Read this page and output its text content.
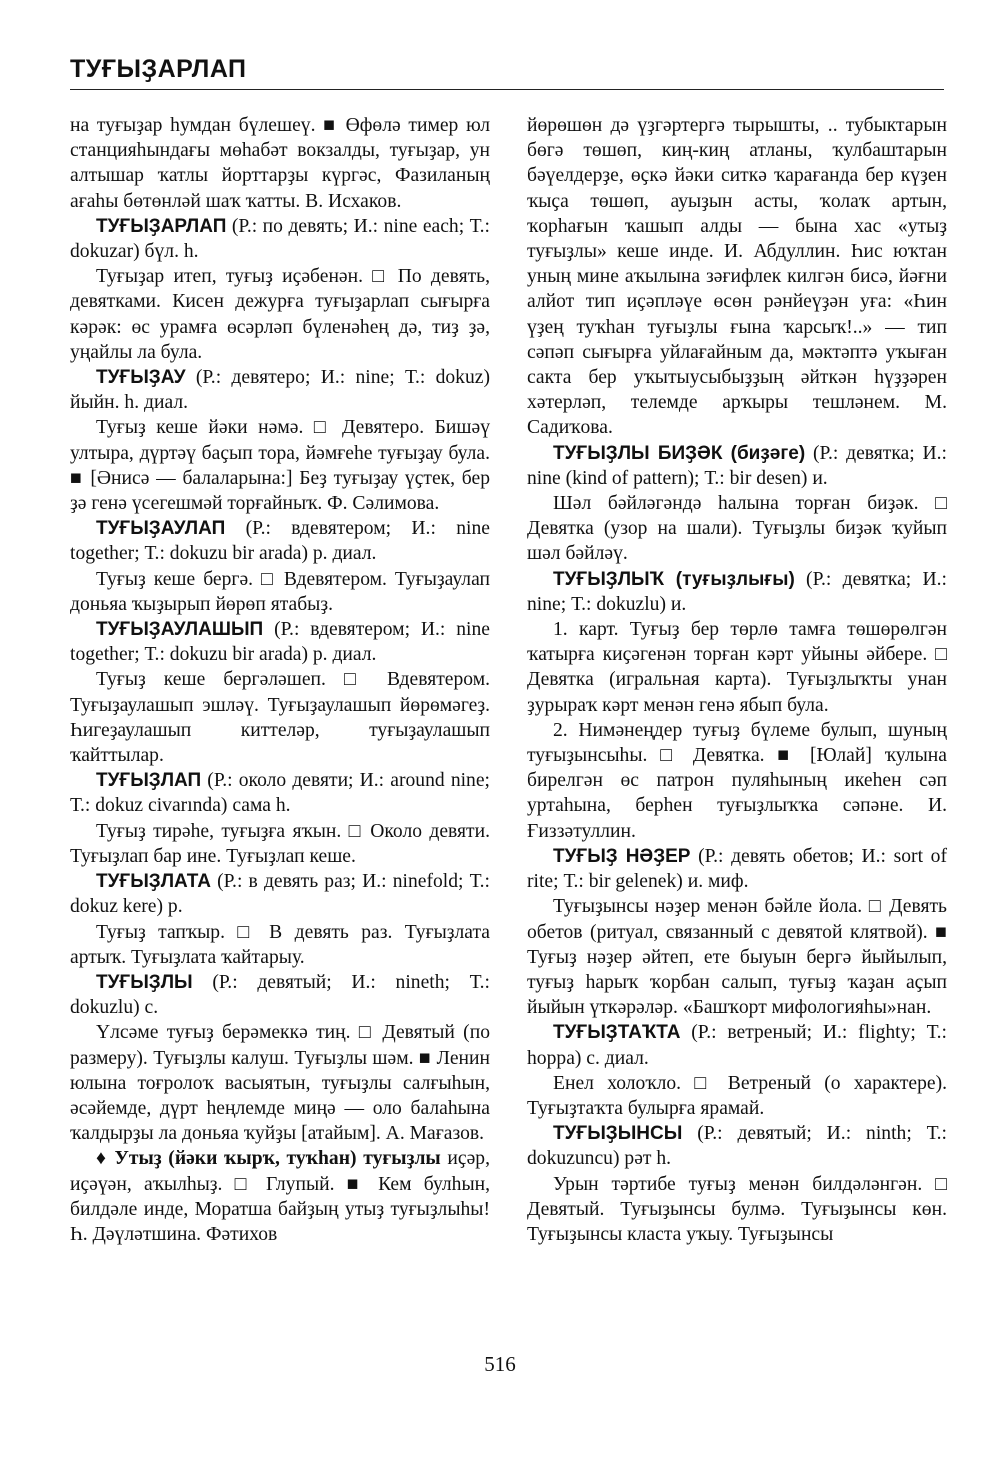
ТУҒЫҘАРЛАП

на туғыҙар һумдан бүлешеү. ■ Өфөлә тимер юл станцияһындағы мөһабәт вокзалды, туғыҙар, ун алтышар ҡатлы йорттарҙы күргәс, Фазиланың ағаһы бөтөнләй шаҡ ҡатты. В. Исхаков.

ТУҒЫҘАРЛАП (Р.: по девять; И.: nine each; Т.: dokuzar) бүл. һ.

Туғыҙар итеп, туғыҙ иҫәбенән. □ По девять, девятками. Кисен дежурға туғыҙарлап сығырға кәрәк: өс урамға өсәрләп бүленәһең дә, тиҙ ҙә, уңайлы ла була.

ТУҒЫҘАУ (Р.: девятеро; И.: nine; Т.: dokuz) йыйн. һ. диал.

Туғыҙ кеше йәки нәмә. □ Девятеро. Бишәү ултыра, дүртәү баҫып тора, йәмғеһе туғыҙау була. ■ [Әнисә — балаларына:] Беҙ туғыҙау үҫтек, бер ҙә генә үсегешмәй торғайныҡ. Ф. Сәлимова.

ТУҒЫҘАУЛАП (Р.: вдевятером; И.: nine together; Т.: dokuzu bir arada) р. диал.

Туғыҙ кеше бергә. □ Вдевятером. Туғыҙаулап доньяа ҡыҙырып йөрөп ятабыҙ.

ТУҒЫҘАУЛАШЫП (Р.: вдевятером; И.: nine together; Т.: dokuzu bir arada) р. диал.

Туғыҙ кеше бергәләшеп. □ Вдевятером. Туғыҙаулашып эшләү. Туғыҙаулашып йөрөмәгеҙ. Һигеҙаулашып киттеләр, туғыҙаулашып ҡайттылар.

ТУҒЫҘЛАП (Р.: около девяти; И.: around nine; Т.: dokuz civarında) сама һ.

Туғыҙ тирәһе, туғыҙға яҡын. □ Около девяти. Туғыҙлап бар ине. Туғыҙлап кеше.

ТУҒЫҘЛАТА (Р.: в девять раз; И.: ninefold; Т.: dokuz kere) р.

Туғыҙ тапҡыр. □ В девять раз. Туғыҙлата артыҡ. Туғыҙлата ҡайтарыу.

ТУҒЫҘЛЫ (Р.: девятый; И.: nineth; Т.: dokuzlu) с.

Үлсәме туғыҙ берәмеккә тиң. □ Девятый (по размеру). Туғыҙлы калуш. Туғыҙлы шәм. ■ Ленин юлына тоғролоҡ васыятын, туғыҙлы салғыһын, әсәйемде, дүрт һеңлемде миңә — оло балаһына ҡалдырҙы ла доньяа ҡуйҙы [атайым]. А. Мағазов.

♦ Утыҙ (йәки ҡырҡ, туҡһан) туғыҙлы иҫәр, иҫәүән, аҡылһыҙ. □ Глупый. ■ Кем булһын, билдәле инде, Моратша байҙың утыҙ туғыҙлыһы! Һ. Дәүләтшина. Фәтихов

йөрөшөн дә үҙгәртергә тырышты, .. тубыктарын бөгә төшөп, киң-киң атланы, ҡулбаштарын бәүелдерҙе, өҫкә йәки ситкә ҡарағанда бер күҙен ҡыҫа төшөп, ауыҙын асты, ҡолаҡ артын, ҡорһағын ҡашып алды — бына хас «утыҙ туғыҙлы» кеше инде. И. Абдуллин. Һис юҡтан уның мине аҡылына зәғифлек килгән бисә, йәғни алйот тип иҫәпләүе өсөн рәнйеүҙән уға: «Һин үҙең туҡһан туғыҙлы ғына ҡарсыҡ!..» — тип сәпәп сығырға уйлағайным да, мәктәптә уҡыған сакта бер уҡытыусыбыҙҙың әйткән һүҙҙәрен хәтерләп, телемде арҡыры тешләнем. М. Садиҡова.

ТУҒЫҘЛЫ БИҘӘК (биҙәге) (Р.: девятка; И.: nine (kind of pattern); Т.: bir desen) и.

Шәл бәйләгәндә һалына торған биҙәк. □ Девятка (узор на шали). Туғыҙлы биҙәк ҡуйып шәл бәйләү.

ТУҒЫҘЛЫҠ (туғыҙлығы) (Р.: девятка; И.: nine; Т.: dokuzlu) и.

1. карт. Туғыҙ бер төрлө тамға төшөрөлгән ҡатырға киҫәгенән торған кәрт уйыны әйбере. □ Девятка (игральная карта). Туғыҙлыҡты унан ҙурыраҡ кәрт менән генә ябып була.

2. Нимәнеңдер туғыҙ бүлеме булып, шуның туғыҙынсыһы. □ Девятка. ■ [Юлай] ҡулына бирелгән өс патрон пуляһының икеһен сәп уртаһына, берһен туғыҙлыҡҡа сәпәне. И. Ғиззәтуллин.

ТУҒЫҘ НӘҘЕР (Р.: девять обетов; И.: sort of rite; Т.: bir gelenek) и. миф.

Туғыҙынсы нәҙер менән бәйле йола. □ Девять обетов (ритуал, связанный с девятой клятвой). ■ Туғыҙ нәҙер әйтеп, ете быуын бергә йыйылып, туғыҙ һарыҡ ҡорбан салып, туғыҙ ҡаҙан аҫып йыйын үткәрәләр. «Башҡорт мифологияһы»нан.

ТУҒЫҘТАҠТА (Р.: ветреный; И.: flighty; Т.: hoppa) с. диал.

Енел холоҡло. □ Ветреный (о характере). Туғыҙтаҡта булырға ярамай.

ТУҒЫҘЫНСЫ (Р.: девятый; И.: ninth; Т.: dokuzuncu) рәт һ.

Урын тәртибе туғыҙ менән билдәләнгән. □ Девятый. Туғыҙынсы булмә. Туғыҙынсы көн. Туғыҙынсы класта уҡыу. Туғыҙынсы

516
